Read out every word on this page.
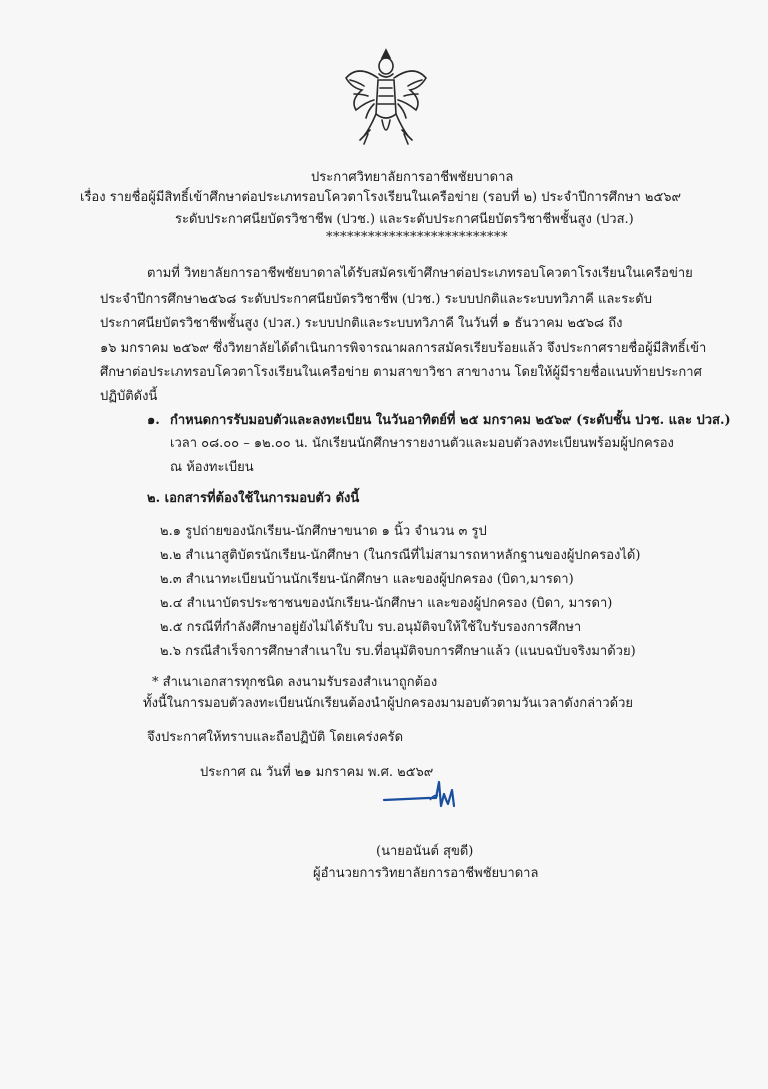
ประกาศวิทยาลัยการอาชีพชัยบาดาล
เรื่อง รายชื่อผู้มีสิทธิ์เข้าศึกษาต่อประเภทรอบโควตาโรงเรียนในเครือข่าย (รอบที่ ๒) ประจำปีการศึกษา ๒๕๖๙
ระดับประกาศนียบัตรวิชาชีพ (ปวช.) และระดับประกาศนียบัตรวิชาชีพชั้นสูง (ปวส.)
**************************
ตามที่ วิทยาลัยการอาชีพชัยบาดาลได้รับสมัครเข้าศึกษาต่อประเภทรอบโควตาโรงเรียนในเครือข่าย
ประจำปีการศึกษา๒๕๖๘ ระดับประกาศนียบัตรวิชาชีพ (ปวช.) ระบบปกติและระบบทวิภาคี และระดับ
ประกาศนียบัตรวิชาชีพชั้นสูง (ปวส.) ระบบปกติและระบบทวิภาคี ในวันที่ ๑ ธันวาคม ๒๕๖๘ ถึง
๑๖ มกราคม ๒๕๖๙ ซึ่งวิทยาลัยได้ดำเนินการพิจารณาผลการสมัครเรียบร้อยแล้ว จึงประกาศรายชื่อผู้มีสิทธิ์เข้า
ศึกษาต่อประเภทรอบโควตาโรงเรียนในเครือข่าย ตามสาขาวิชา สาขางาน โดยให้ผู้มีรายชื่อแนบท้ายประกาศ
ปฏิบัติดังนี้
๑. กำหนดการรับมอบตัวและลงทะเบียน ในวันอาทิตย์ที่ ๒๕ มกราคม ๒๕๖๙ (ระดับชั้น ปวช. และ ปวส.)
เวลา ๐๘.๐๐ – ๑๒.๐๐ น. นักเรียนนักศึกษารายงานตัวและมอบตัวลงทะเบียนพร้อมผู้ปกครอง
ณ ห้องทะเบียน
๒. เอกสารที่ต้องใช้ในการมอบตัว ดังนี้
๒.๑ รูปถ่ายของนักเรียน-นักศึกษาขนาด ๑ นิ้ว จำนวน ๓ รูป
๒.๒ สำเนาสูติบัตรนักเรียน-นักศึกษา (ในกรณีที่ไม่สามารถหาหลักฐานของผู้ปกครองได้)
๒.๓ สำเนาทะเบียนบ้านนักเรียน-นักศึกษา และของผู้ปกครอง (บิดา,มารดา)
๒.๔ สำเนาบัตรประชาชนของนักเรียน-นักศึกษา และของผู้ปกครอง (บิดา, มารดา)
๒.๕ กรณีที่กำลังศึกษาอยู่ยังไม่ได้รับใบ รบ.อนุมัติจบให้ใช้ใบรับรองการศึกษา
๒.๖ กรณีสำเร็จการศึกษาสำเนาใบ รบ.ที่อนุมัติจบการศึกษาแล้ว (แนบฉบับจริงมาด้วย)
* สำเนาเอกสารทุกชนิด ลงนามรับรองสำเนาถูกต้อง
ทั้งนี้ในการมอบตัวลงทะเบียนนักเรียนต้องนำผู้ปกครองมามอบตัวตามวันเวลาดังกล่าวด้วย
จึงประกาศให้ทราบและถือปฏิบัติ โดยเคร่งครัด
ประกาศ ณ วันที่ ๒๑ มกราคม พ.ศ. ๒๕๖๙
(นายอนันต์ สุขดี)
ผู้อำนวยการวิทยาลัยการอาชีพชัยบาดาล
